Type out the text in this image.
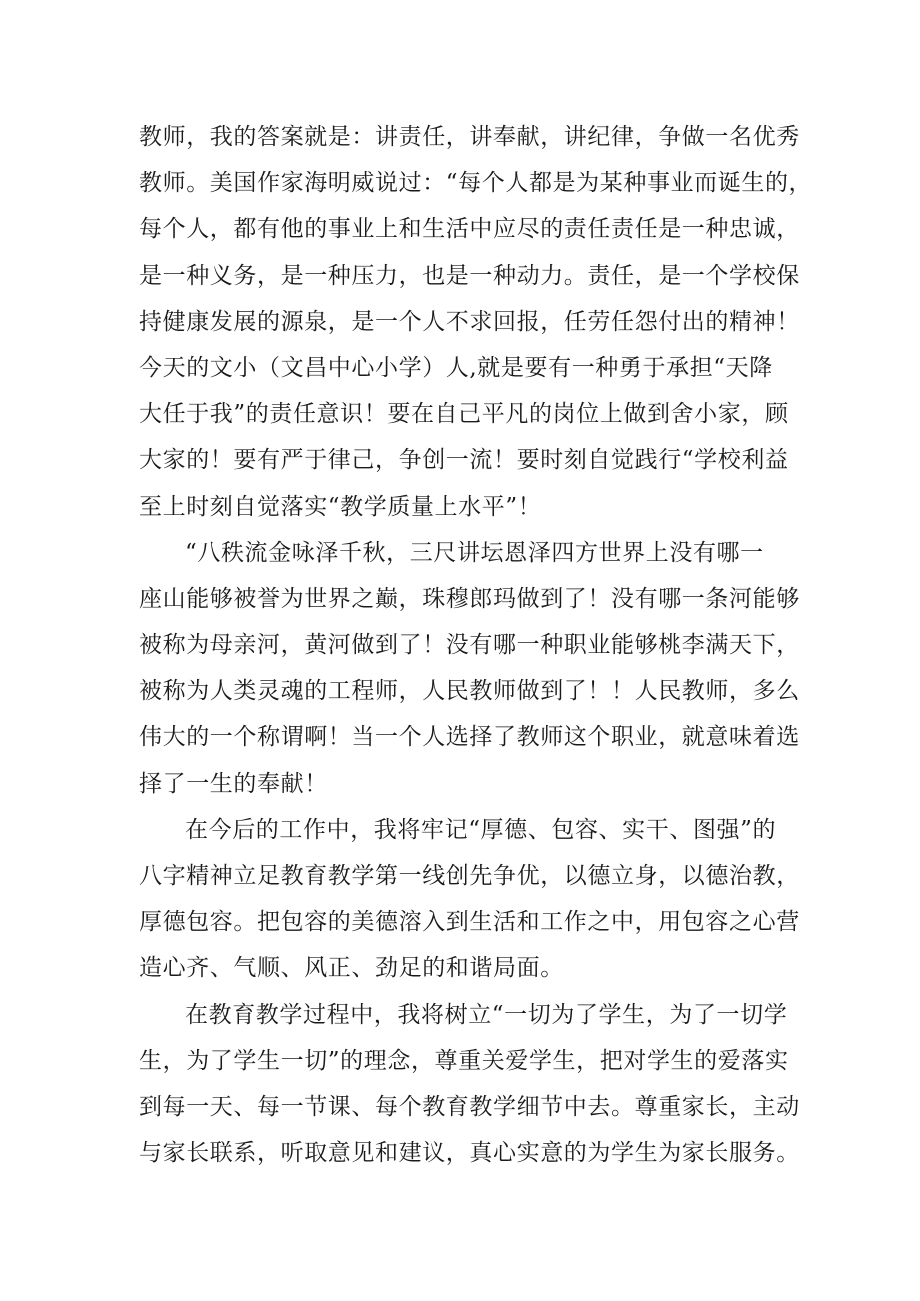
教师，我的答案就是：讲责任，讲奉献，讲纪律，争做一名优秀
教师。美国作家海明威说过：“每个人都是为某种事业而诞生的，
每个人，都有他的事业上和生活中应尽的责任责任是一种忠诚，
是一种义务，是一种压力，也是一种动力。责任，是一个学校保
持健康发展的源泉，是一个人不求回报，任劳任怨付出的精神！
今天的文小（文昌中心小学）人,就是要有一种勇于承担“天降
大任于我”的责任意识！要在自己平凡的岗位上做到舍小家，顾
大家的！要有严于律己，争创一流！要时刻自觉践行“学校利益
至上时刻自觉落实“教学质量上水平”！
“八秩流金咏泽千秋，三尺讲坛恩泽四方世界上没有哪一
座山能够被誉为世界之巅，珠穆郎玛做到了！没有哪一条河能够
被称为母亲河，黄河做到了！没有哪一种职业能够桃李满天下，
被称为人类灵魂的工程师，人民教师做到了！！人民教师，多么
伟大的一个称谓啊！当一个人选择了教师这个职业，就意味着选
择了一生的奉献！
在今后的工作中，我将牢记“厚德、包容、实干、图强”的
八字精神立足教育教学第一线创先争优，以德立身，以德治教，
厚德包容。把包容的美德溶入到生活和工作之中，用包容之心营
造心齐、气顺、风正、劲足的和谐局面。
在教育教学过程中，我将树立“一切为了学生，为了一切学
生，为了学生一切”的理念，尊重关爱学生，把对学生的爱落实
到每一天、每一节课、每个教育教学细节中去。尊重家长，主动
与家长联系，听取意见和建议，真心实意的为学生为家长服务。
